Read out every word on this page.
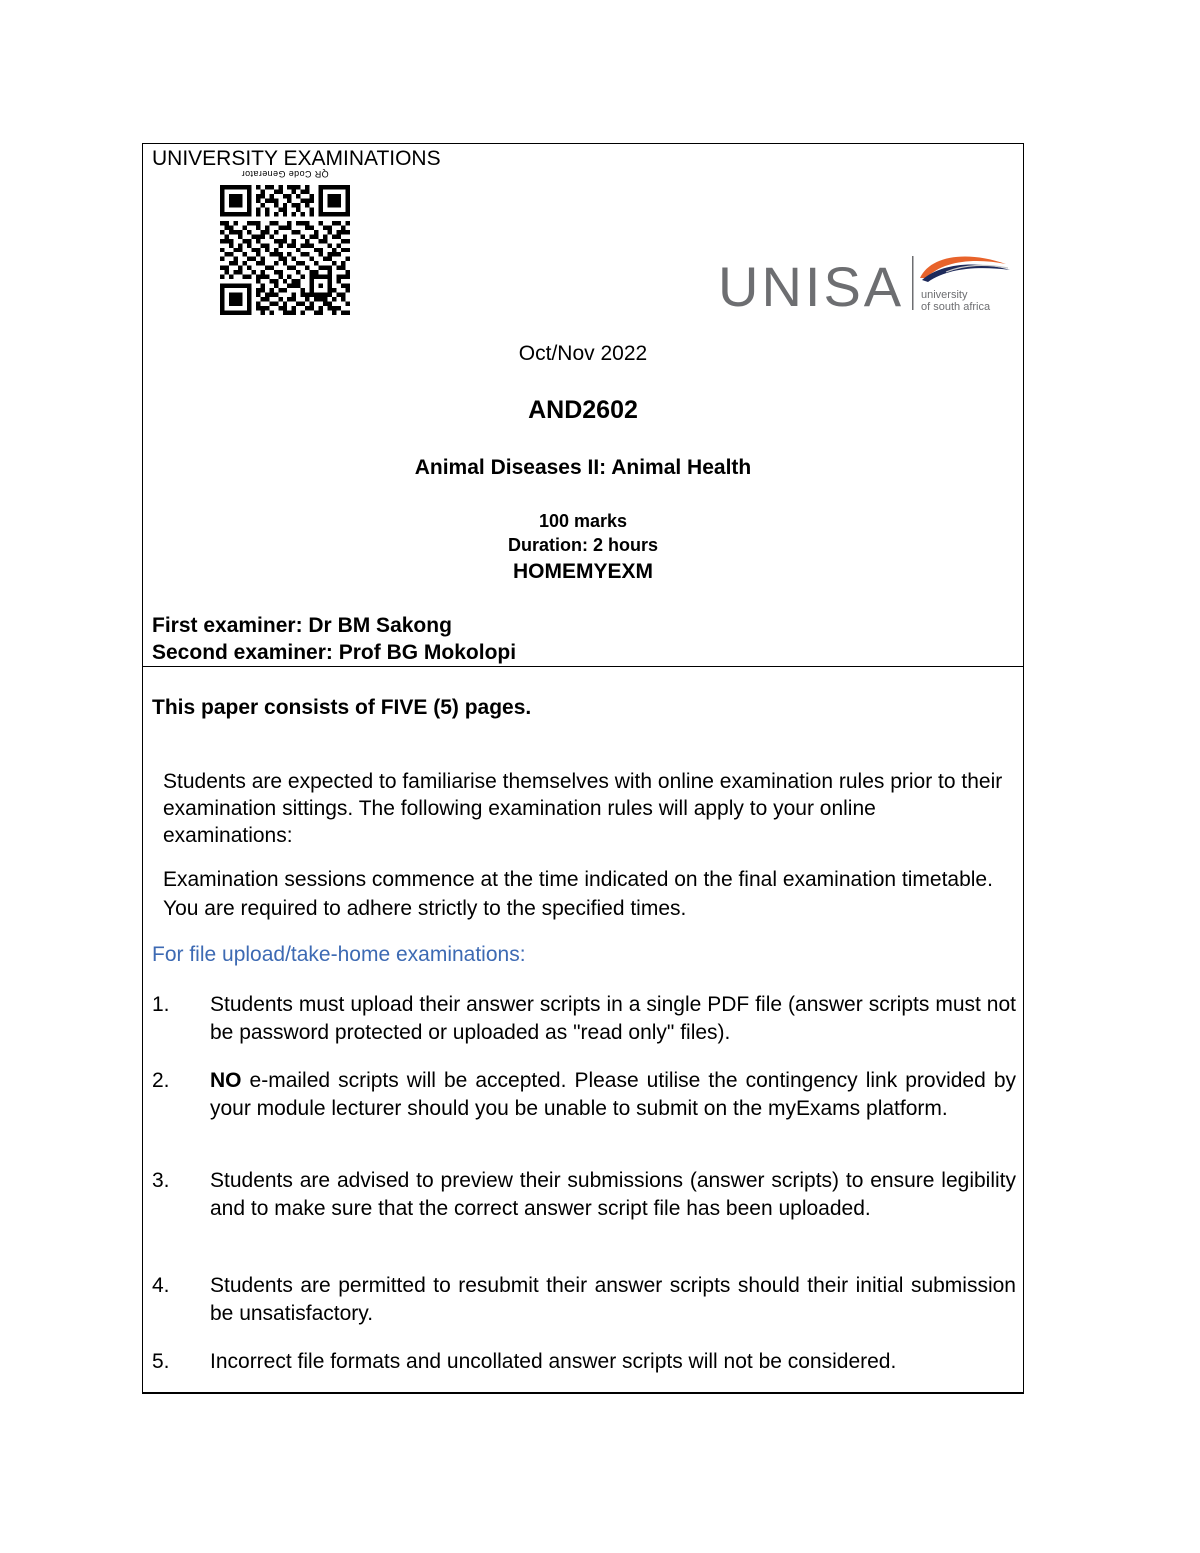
UNIVERSITY EXAMINATIONS
QR Code Generator
UNISA university
of south africa
Oct/Nov 2022
AND2602
Animal Diseases II: Animal Health
100 marks
Duration: 2 hours
HOMEMYEXM
First examiner: Dr BM Sakong
Second examiner: Prof BG Mokolopi
This paper consists of FIVE (5) pages.
Students are expected to familiarise themselves with online examination rules prior to their examination sittings. The following examination rules will apply to your online examinations:
Examination sessions commence at the time indicated on the final examination timetable. You are required to adhere strictly to the specified times.
For file upload/take-home examinations:
1. Students must upload their answer scripts in a single PDF file (answer scripts must not be password protected or uploaded as "read only" files).
2. NO e-mailed scripts will be accepted. Please utilise the contingency link provided by your module lecturer should you be unable to submit on the myExams platform.
3. Students are advised to preview their submissions (answer scripts) to ensure legibility and to make sure that the correct answer script file has been uploaded.
4. Students are permitted to resubmit their answer scripts should their initial submission be unsatisfactory.
5. Incorrect file formats and uncollated answer scripts will not be considered.
